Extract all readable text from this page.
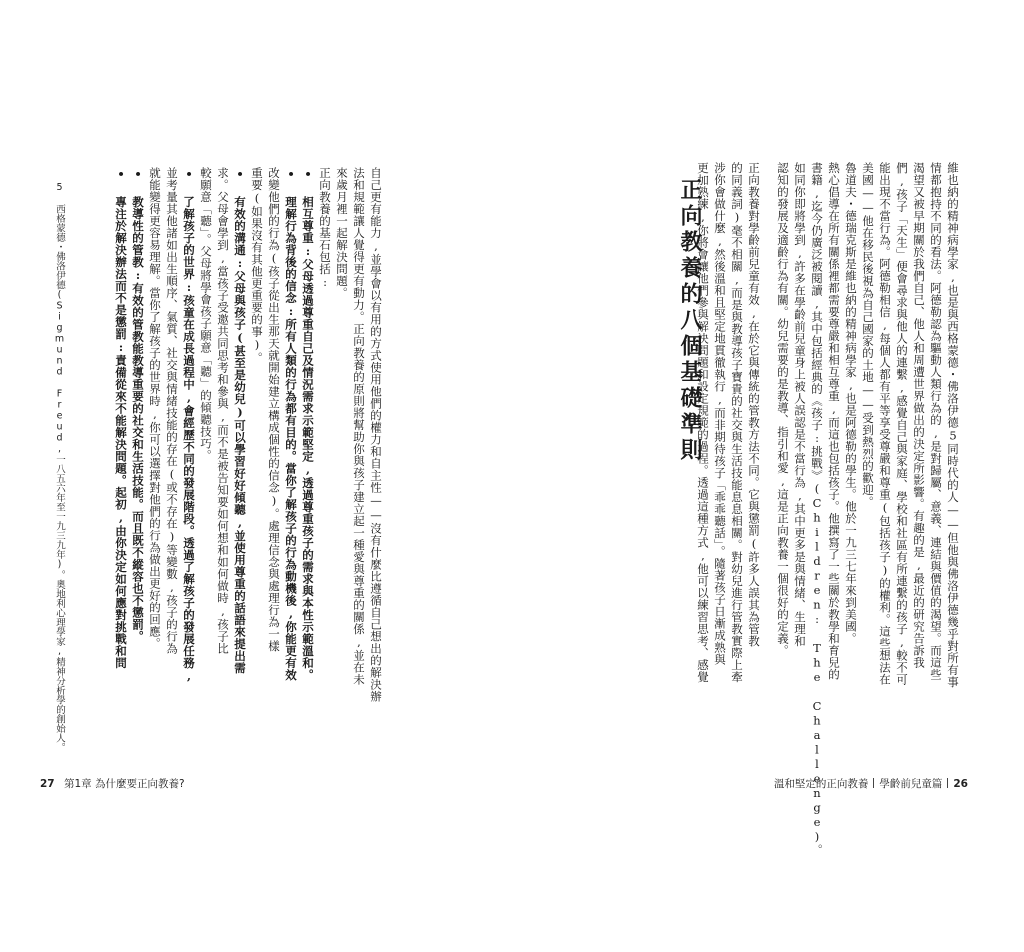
自己更有能力,並學會以有用的方式使用他們的權力和自主性——沒有什麼比遵循自己想出的解決辦
法和規範讓人覺得更有動力。正向教養的原則將幫助你與孩子建立起一種愛與尊重的關係,並在未
來歲月裡一起解決問題。
正向教養的基石包括:
• 相互尊重:父母透過尊重自己及情況需求示範堅定,透過尊重孩子的需求與本性示範溫和。
• 理解行為背後的信念:所有人類的行為都有目的。當你了解孩子的行為動機後,你能更有效
改變他們的行為(孩子從出生那天就開始建立構成個性的信念)。處理信念與處理行為一樣
重要(如果沒有其他更重要的事)。
• 有效的溝通:父母與孩子(甚至是幼兒)可以學習好好傾聽,並使用尊重的話語來提出需
求。父母會學到,當孩子受邀共同思考和參與,而不是被告知要如何想和如何做時,孩子比
較願意「聽」。父母將學會孩子願意「聽」的傾聽技巧。
• 了解孩子的世界:孩童在成長過程中,會經歷不同的發展階段。透過了解孩子的發展任務,
並考量其他諸如出生順序、氣質、社交與情緒技能的存在(或不存在)等變數,孩子的行為
就能變得更容易理解。當你了解孩子的世界時,你可以選擇對他們的行為做出更好的回應。
• 教導性的管教:有效的管教能教導重要的社交和生活技能。而且既不縱容也不懲罰。
• 專注於解決辦法而不是懲罰:責備從來不能解決問題。起初,由你決定如何應對挑戰和問
5 西格蒙德・佛洛伊德(Sigmund Freud,一八五六年至一九三九年)。奧地利心理學家,精神分析學的創始人。
27 第1章 為什麼要正向教養?
正向教養的八個基礎準則	維也納的精神病學家,也是與西格蒙德・佛洛伊德5同時代的人——但他與佛洛伊德幾乎對所有事
情都抱持不同的看法。阿德勒認為驅動人類行為的,是對歸屬、意義、連結與價值的渴望。而這些
渴望又被早期關於我們自己、他人和周遭世界做出的決定所影響。有趣的是,最近的研究告訴我
們,孩子「天生」便會尋求與他人的連繫,感覺自己與家庭、學校和社區有所連繫的孩子,較不可
能出現不當行為。阿德勒相信,每個人都有平等享受尊嚴和尊重(包括孩子)的權利。這些想法在
美國——他在移民後視為自己國家的土地——受到熱烈的歡迎。
魯道夫・德瑞克斯是維也納的精神病學家,也是阿德勒的學生。他於一九三七年來到美國。
熱心倡導在所有關係裡都需要尊嚴和相互尊重,而這也包括孩子。他撰寫了一些關於教學和育兒的
書籍,迄今仍廣泛被閱讀,其中包括經典的《孩子:挑戰》(Children: The Challenge)。
如同你即將學到,許多在學齡前兒童身上被人誤認是不當行為,其中更多是與情緒、生理和
認知的發展及適齡行為有關。幼兒需要的是教導、指引和愛,這是正向教養一個很好的定義。
正向教養對學齡前兒童有效,在於它與傳統的管教方法不同。它與懲罰(許多人誤其為管教
的同義詞)毫不相關,而是與教導孩子寶貴的社交與生活技能息息相關。對幼兒進行管教實際上牽
涉你會做什麼,然後溫和且堅定地貫徹執行,而非期待孩子「乖乖聽話」。隨著孩子日漸成熟與
更加熟練,你將會讓他們參與解決問題和設定規範的過程。透過這種方式,他可以練習思考、感覺
溫和堅定的正向教養 學齡前兒童篇 26
